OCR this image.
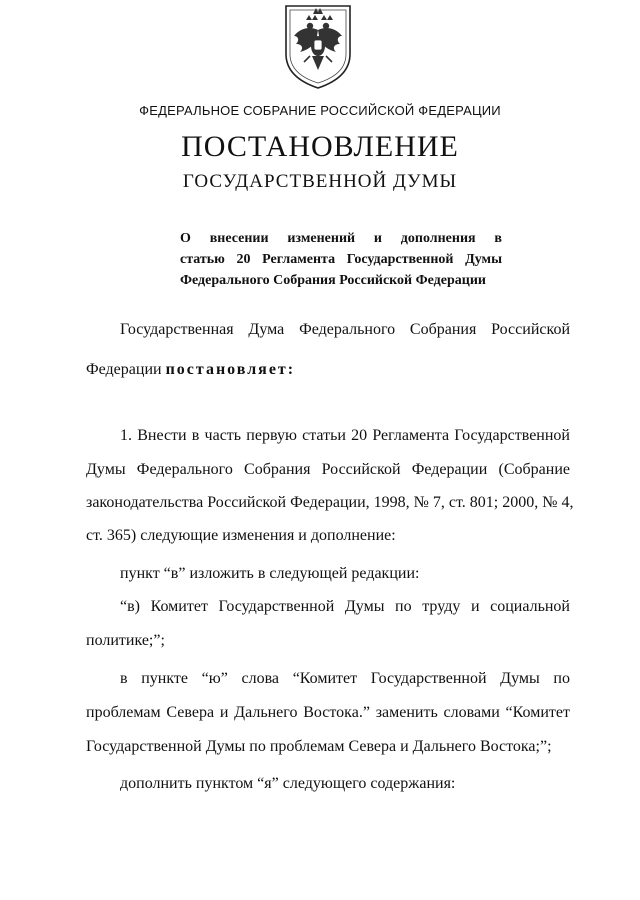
ФЕДЕРАЛЬНОЕ СОБРАНИЕ РОССИЙСКОЙ ФЕДЕРАЦИИ
ПОСТАНОВЛЕНИЕ
ГОСУДАРСТВЕННОЙ ДУМЫ
О внесении изменений и дополнения в
статью 20 Регламента Государственной Думы
Федерального Собрания Российской Федерации
Государственная Дума Федерального Собрания Российской
Федерации постановляет:
1. Внести в часть первую статьи 20 Регламента Государственной
Думы Федерального Собрания Российской Федерации (Собрание
законодательства Российской Федерации, 1998, № 7, ст. 801; 2000, № 4,
ст. 365) следующие изменения и дополнение:
пункт “в” изложить в следующей редакции:
“в) Комитет Государственной Думы по труду и социальной
политике;”;
в пункте “ю” слова “Комитет Государственной Думы по
проблемам Севера и Дальнего Востока.” заменить словами “Комитет
Государственной Думы по проблемам Севера и Дальнего Востока;”;
дополнить пунктом “я” следующего содержания:
